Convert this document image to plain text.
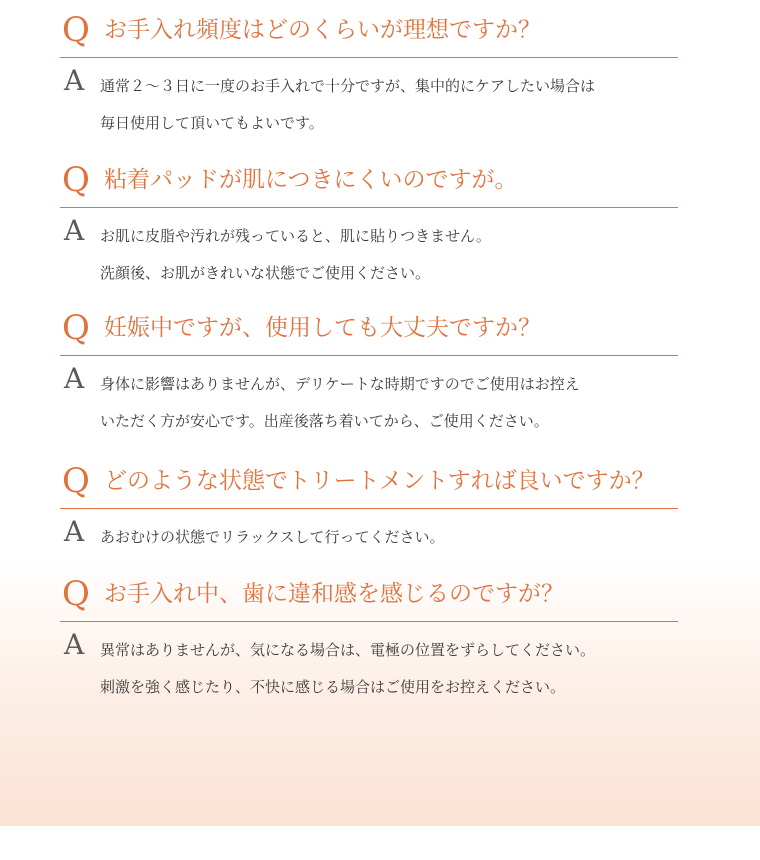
Q お手入れ頻度はどのくらいが理想ですか？
A 通常２〜３日に一度のお手入れで十分ですが、集中的にケアしたい場合は
毎日使用して頂いてもよいです。
Q 粘着パッドが肌につきにくいのですが。
A お肌に皮脂や汚れが残っていると、肌に貼りつきません。
洗顔後、お肌がきれいな状態でご使用ください。
Q 妊娠中ですが、使用しても大丈夫ですか？
A 身体に影響はありませんが、デリケートな時期ですのでご使用はお控え
いただく方が安心です。出産後落ち着いてから、ご使用ください。
Q どのような状態でトリートメントすれば良いですか？
A あおむけの状態でリラックスして行ってください。
Q お手入れ中、歯に違和感を感じるのですが？
A 異常はありませんが、気になる場合は、電極の位置をずらしてください。
刺激を強く感じたり、不快に感じる場合はご使用をお控えください。
